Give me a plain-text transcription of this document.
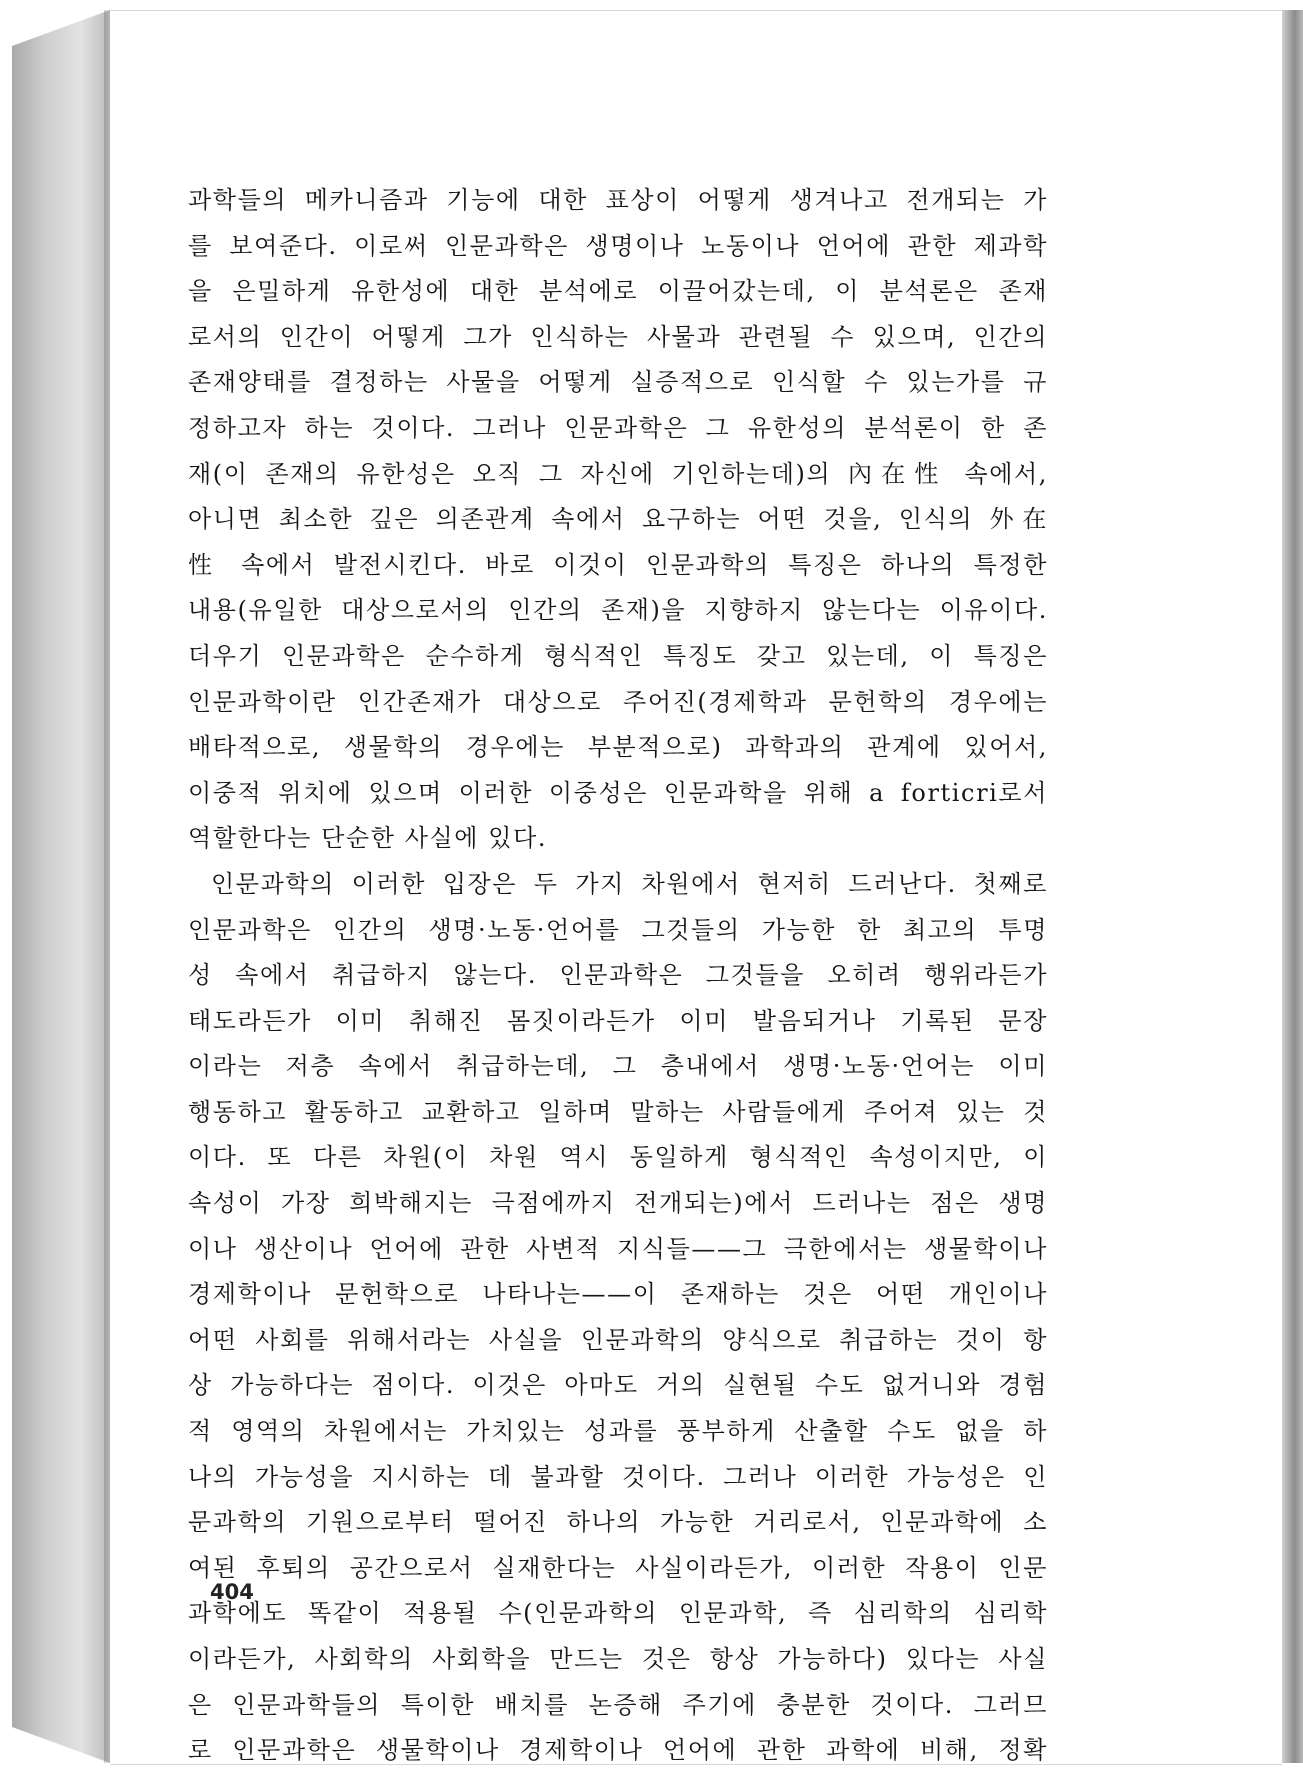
과학들의 메카니즘과 기능에 대한 표상이 어떻게 생겨나고 전개되는 가
를 보여준다. 이로써 인문과학은 생명이나 노동이나 언어에 관한 제과학
을 은밀하게 유한성에 대한 분석에로 이끌어갔는데, 이 분석론은 존재
로서의 인간이 어떻게 그가 인식하는 사물과 관련될 수 있으며, 인간의
존재양태를 결정하는 사물을 어떻게 실증적으로 인식할 수 있는가를 규
정하고자 하는 것이다. 그러나 인문과학은 그 유한성의 분석론이 한 존
재(이 존재의 유한성은 오직 그 자신에 기인하는데)의 內在性 속에서,
아니면 최소한 깊은 의존관계 속에서 요구하는 어떤 것을, 인식의 外在
性 속에서 발전시킨다. 바로 이것이 인문과학의 특징은 하나의 특정한
내용(유일한 대상으로서의 인간의 존재)을 지향하지 않는다는 이유이다.
더우기 인문과학은 순수하게 형식적인 특징도 갖고 있는데, 이 특징은
인문과학이란 인간존재가 대상으로 주어진(경제학과 문헌학의 경우에는
배타적으로, 생물학의 경우에는 부분적으로) 과학과의 관계에 있어서,
이중적 위치에 있으며 이러한 이중성은 인문과학을 위해 a forticri로서
역할한다는 단순한 사실에 있다.
인문과학의 이러한 입장은 두 가지 차원에서 현저히 드러난다. 첫째로
인문과학은 인간의 생명·노동·언어를 그것들의 가능한 한 최고의 투명
성 속에서 취급하지 않는다. 인문과학은 그것들을 오히려 행위라든가
태도라든가 이미 취해진 몸짓이라든가 이미 발음되거나 기록된 문장
이라는 저층 속에서 취급하는데, 그 층내에서 생명·노동·언어는 이미
행동하고 활동하고 교환하고 일하며 말하는 사람들에게 주어져 있는 것
이다. 또 다른 차원(이 차원 역시 동일하게 형식적인 속성이지만, 이
속성이 가장 희박해지는 극점에까지 전개되는)에서 드러나는 점은 생명
이나 생산이나 언어에 관한 사변적 지식들——그 극한에서는 생물학이나
경제학이나 문헌학으로 나타나는——이 존재하는 것은 어떤 개인이나
어떤 사회를 위해서라는 사실을 인문과학의 양식으로 취급하는 것이 항
상 가능하다는 점이다. 이것은 아마도 거의 실현될 수도 없거니와 경험
적 영역의 차원에서는 가치있는 성과를 풍부하게 산출할 수도 없을 하
나의 가능성을 지시하는 데 불과할 것이다. 그러나 이러한 가능성은 인
문과학의 기원으로부터 떨어진 하나의 가능한 거리로서, 인문과학에 소
여된 후퇴의 공간으로서 실재한다는 사실이라든가, 이러한 작용이 인문
과학에도 똑같이 적용될 수(인문과학의 인문과학, 즉 심리학의 심리학
이라든가, 사회학의 사회학을 만드는 것은 항상 가능하다) 있다는 사실
은 인문과학들의 특이한 배치를 논증해 주기에 충분한 것이다. 그러므
로 인문과학은 생물학이나 경제학이나 언어에 관한 과학에 비해, 정확
404
